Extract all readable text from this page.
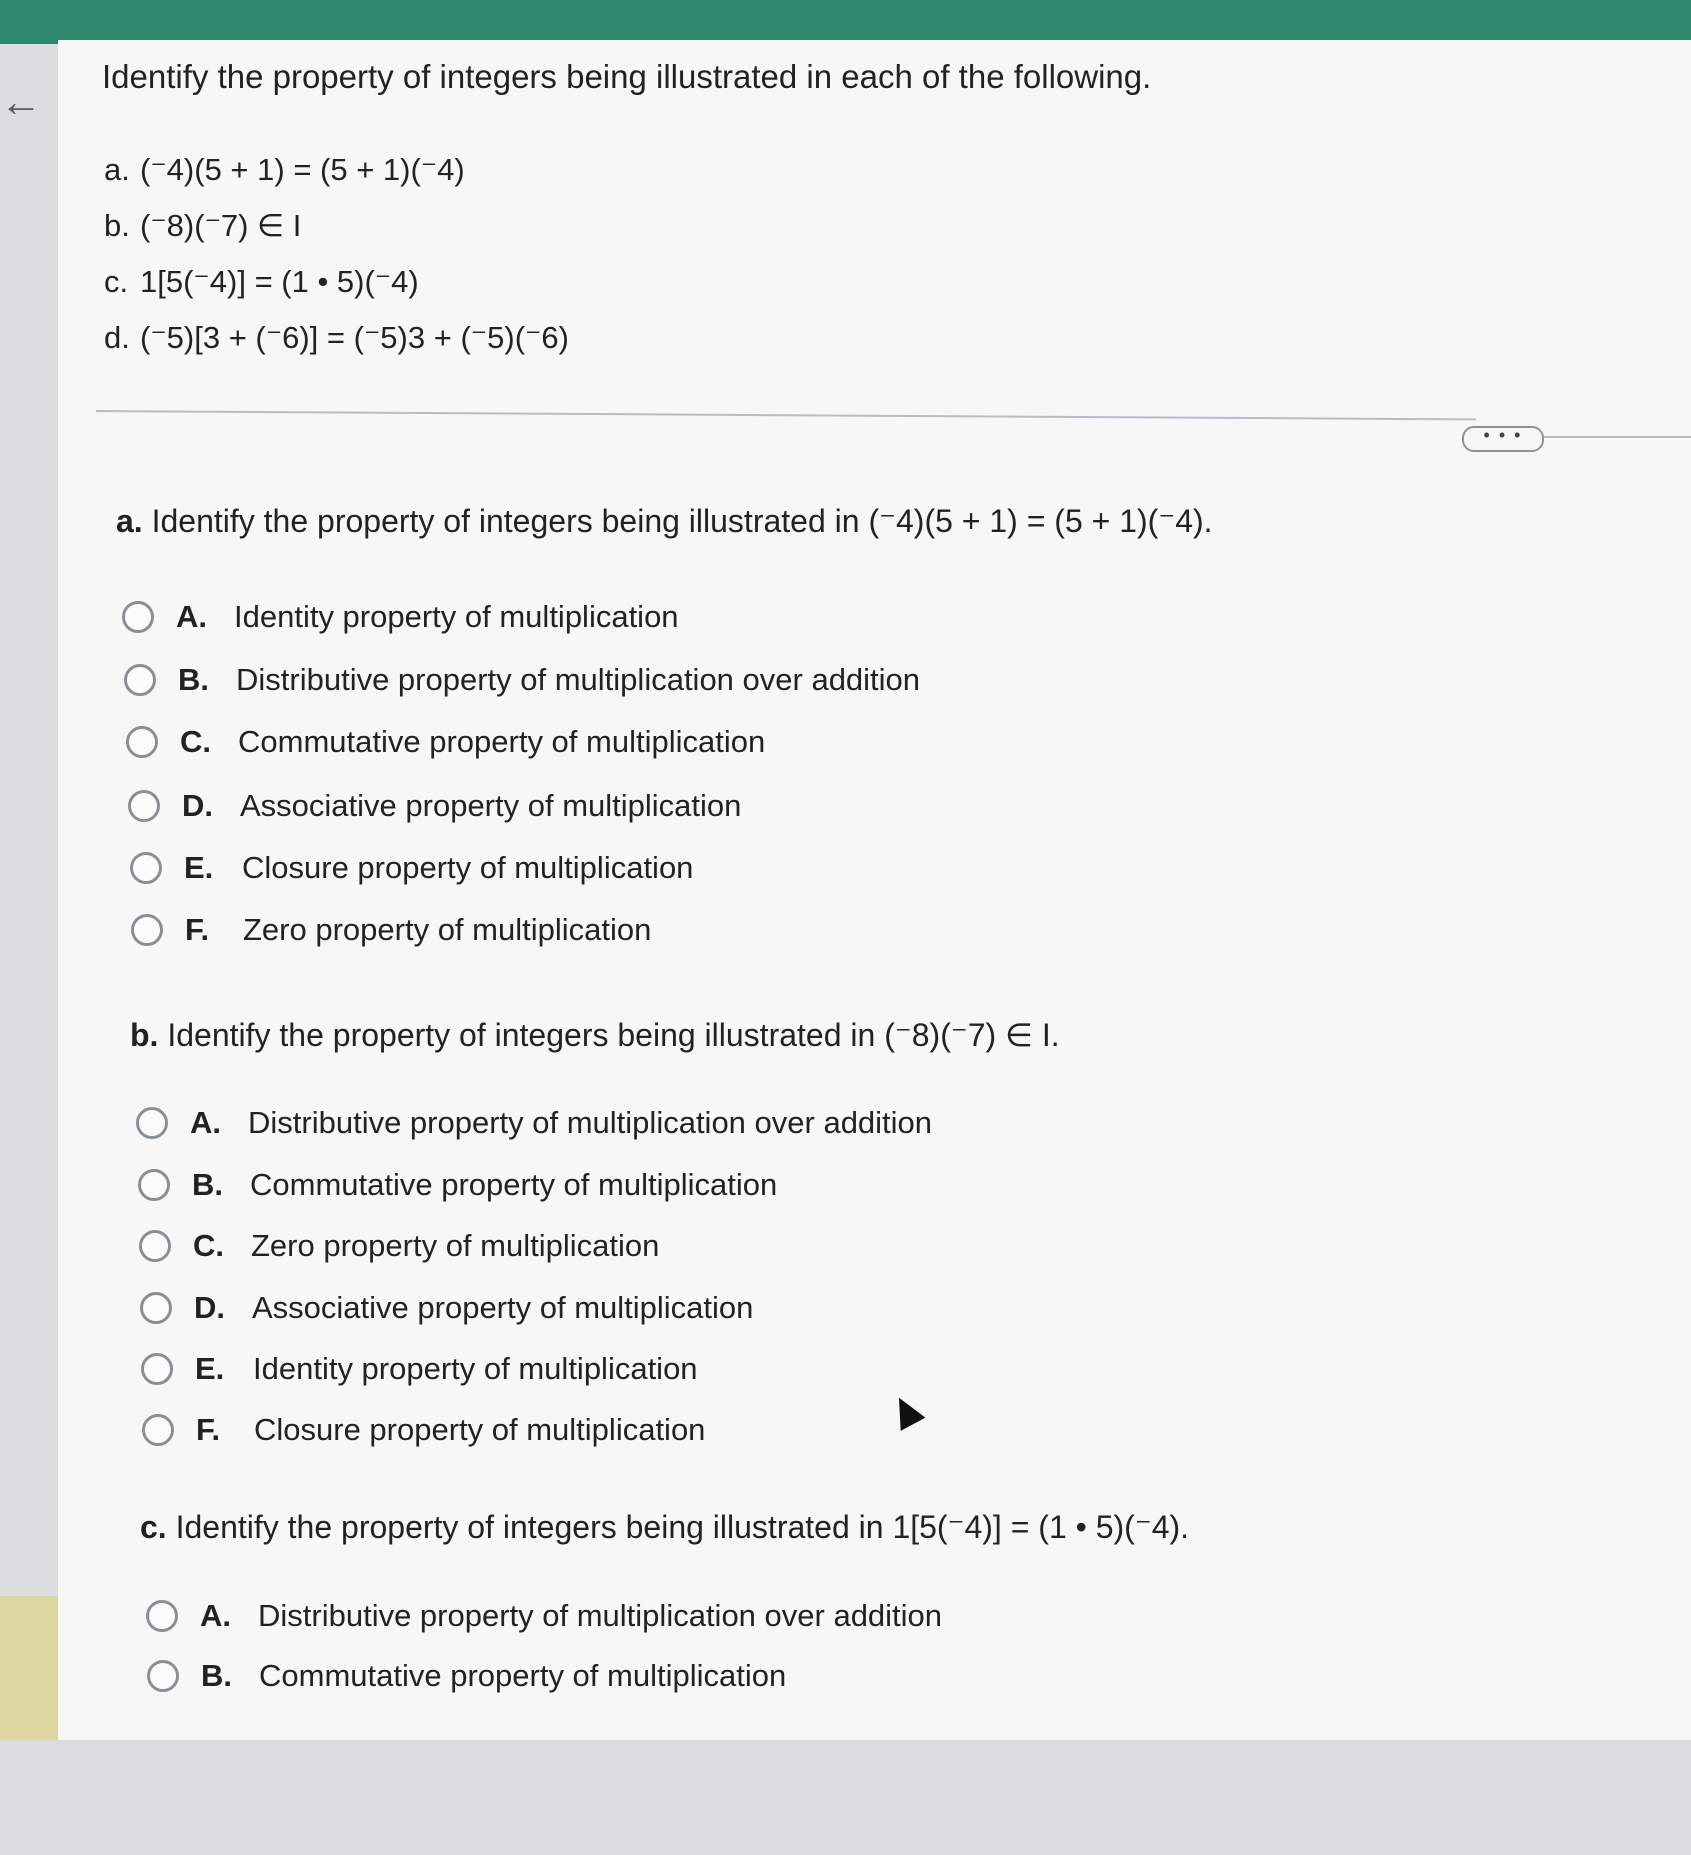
←
Identify the property of integers being illustrated in each of the following.
a. (⁻4)(5 + 1) = (5 + 1)(⁻4)
b. (⁻8)(⁻7) ∈ I
c. 1[5(⁻4)] = (1 • 5)(⁻4)
d. (⁻5)[3 + (⁻6)] = (⁻5)3 + (⁻5)(⁻6)
• • •
a. Identify the property of integers being illustrated in (⁻4)(5 + 1) = (5 + 1)(⁻4).
A. Identity property of multiplication
B. Distributive property of multiplication over addition
C. Commutative property of multiplication
D. Associative property of multiplication
E. Closure property of multiplication
F.	Zero property of multiplication
b. Identify the property of integers being illustrated in (⁻8)(⁻7) ∈ I.
A. Distributive property of multiplication over addition
B. Commutative property of multiplication
C. Zero property of multiplication
D. Associative property of multiplication
E. Identity property of multiplication
F.	Closure property of multiplication
c. Identify the property of integers being illustrated in 1[5(⁻4)] = (1 • 5)(⁻4).
A. Distributive property of multiplication over addition
B. Commutative property of multiplication
